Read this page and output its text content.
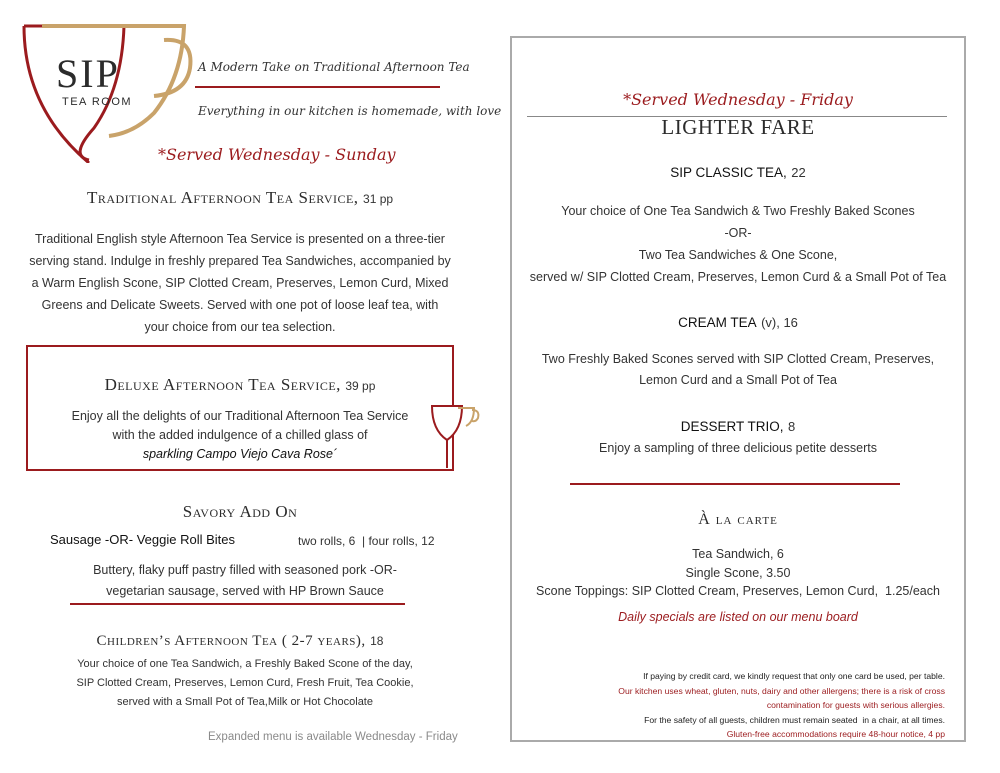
SIP
TEA ROOM
A Modern Take on Traditional Afternoon Tea
Everything in our kitchen is homemade, with love
*Served Wednesday - Sunday
Traditional Afternoon Tea Service, 31 pp

Traditional English style Afternoon Tea Service is presented on a three-tier

serving stand. Indulge in freshly prepared Tea Sandwiches, accompanied by

a Warm English Scone, SIP Clotted Cream, Preserves, Lemon Curd, Mixed

Greens and Delicate Sweets. Served with one pot of loose leaf tea, with

your choice from our tea selection.

Deluxe Afternoon Tea Service, 39 pp
Enjoy all the delights of our Traditional Afternoon Tea Service
with the added indulgence of a chilled glass of
sparkling Campo Viejo Cava Rose´
Savory Add On
Sausage -OR- Veggie Roll Bites	two rolls, 6  | four rolls, 12
Buttery, flaky puff pastry filled with seasoned pork -OR-
vegetarian sausage, served with HP Brown Sauce
Children’s Afternoon Tea ( 2-7 years), 18
Your choice of one Tea Sandwich, a Freshly Baked Scone of the day,
SIP Clotted Cream, Preserves, Lemon Curd, Fresh Fruit, Tea Cookie,
served with a Small Pot of Tea,Milk or Hot Chocolate
Expanded menu is available Wednesday - Friday
*Served Wednesday - Friday
LIGHTER FARE
SIP CLASSIC TEA, 22
Your choice of One Tea Sandwich & Two Freshly Baked Scones
-OR-
Two Tea Sandwiches & One Scone,
served w/ SIP Clotted Cream, Preserves, Lemon Curd & a Small Pot of Tea
CREAM TEA (v), 16
Two Freshly Baked Scones served with SIP Clotted Cream, Preserves,
Lemon Curd and a Small Pot of Tea
DESSERT TRIO, 8
Enjoy a sampling of three delicious petite desserts
À la carte
Tea Sandwich, 6
Single Scone, 3.50
Scone Toppings: SIP Clotted Cream, Preserves, Lemon Curd,  1.25/each
Daily specials are listed on our menu board
If paying by credit card, we kindly request that only one card be used, per table.
Our kitchen uses wheat, gluten, nuts, dairy and other allergens; there is a risk of cross
contamination for guests with serious allergies.
For the safety of all guests, children must remain seated  in a chair, at all times.
Gluten-free accommodations require 48-hour notice, 4 pp
